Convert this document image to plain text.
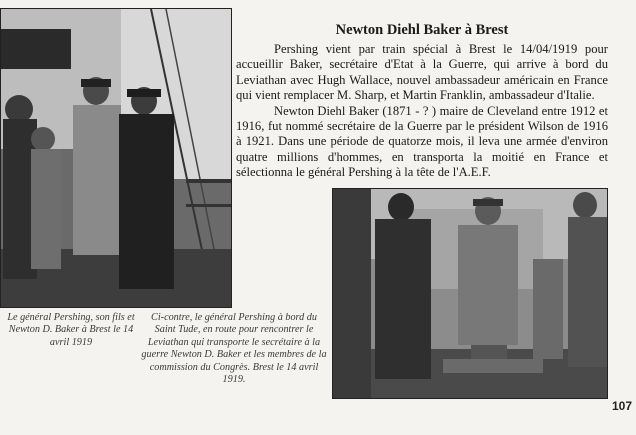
Newton Diehl Baker à Brest

Pershing vient par train spécial à Brest le 14/04/1919 pour accueillir Baker, secrétaire d'Etat à la Guerre, qui arrive à bord du Leviathan avec Hugh Wallace, nouvel ambassadeur américain en France qui vient remplacer M. Sharp, et Martin Franklin, ambassadeur d'Italie.

Newton Diehl Baker (1871 - ? ) maire de Cleveland entre 1912 et 1916, fut nommé secrétaire de la Guerre par le président Wilson de 1916 à 1921. Dans une période de quatorze mois, il leva une armée d'environ quatre millions d'hommes, en transporta la moitié en France et sélectionna le général Pershing à la tête de l'A.E.F.

Le général Pershing, son fils et Newton D. Baker à Brest le 14 avril 1919
Ci-contre, le général Pershing à bord du Saint Tude, en route pour rencontrer le Leviathan qui transporte le secrétaire à la guerre Newton D. Baker et les membres de la commission du Congrès. Brest le 14 avril 1919.
107
